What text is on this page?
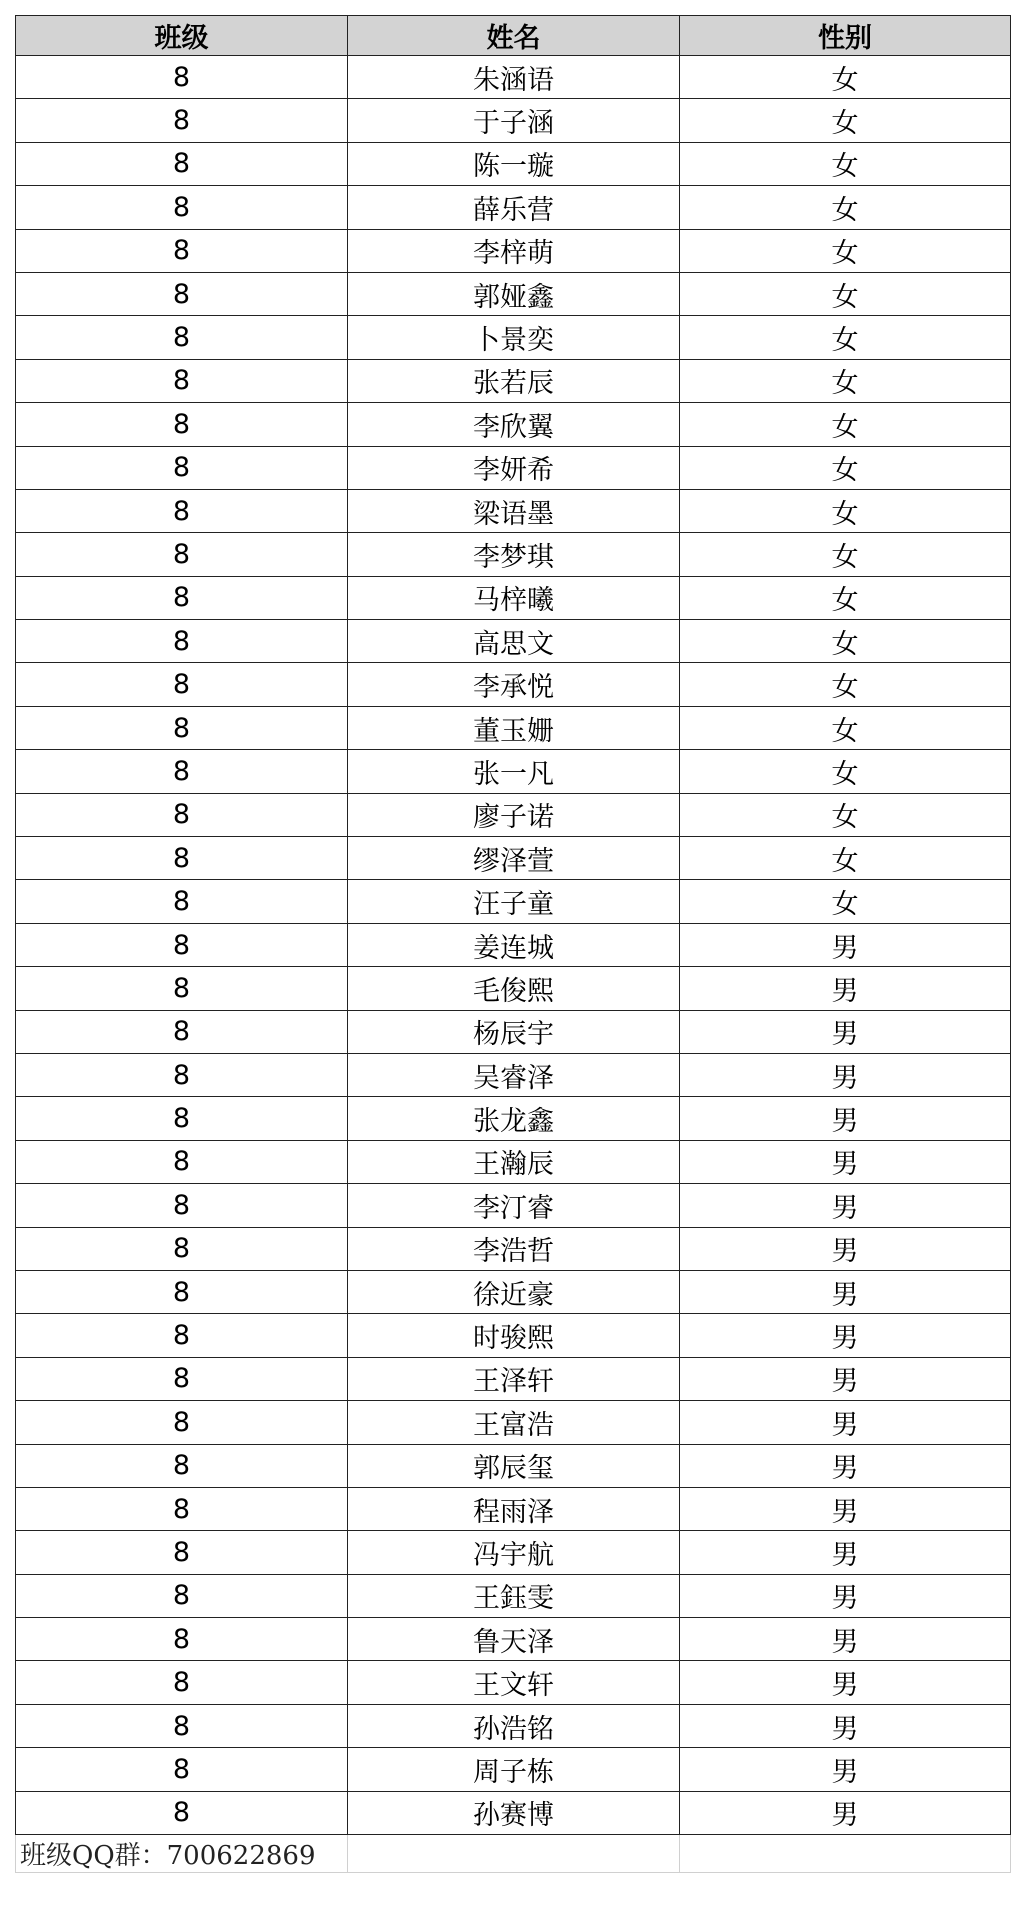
班级	姓名	性别
8	朱涵语	女
8	于子涵	女
8	陈一璇	女
8	薛乐营	女
8	李梓萌	女
8	郭娅鑫	女
8	卜景奕	女
8	张若辰	女
8	李欣翼	女
8	李妍希	女
8	梁语墨	女
8	李梦琪	女
8	马梓曦	女
8	高思文	女
8	李承悦	女
8	董玉姗	女
8	张一凡	女
8	廖子诺	女
8	缪泽萱	女
8	汪子童	女
8	姜连城	男
8	毛俊熙	男
8	杨辰宇	男
8	吴睿泽	男
8	张龙鑫	男
8	王瀚辰	男
8	李汀睿	男
8	李浩哲	男
8	徐近豪	男
8	时骏熙	男
8	王泽轩	男
8	王富浩	男
8	郭辰玺	男
8	程雨泽	男
8	冯宇航	男
8	王鈺雯	男
8	鲁天泽	男
8	王文轩	男
8	孙浩铭	男
8	周子栋	男
8	孙赛博	男
班级QQ群：700622869		
